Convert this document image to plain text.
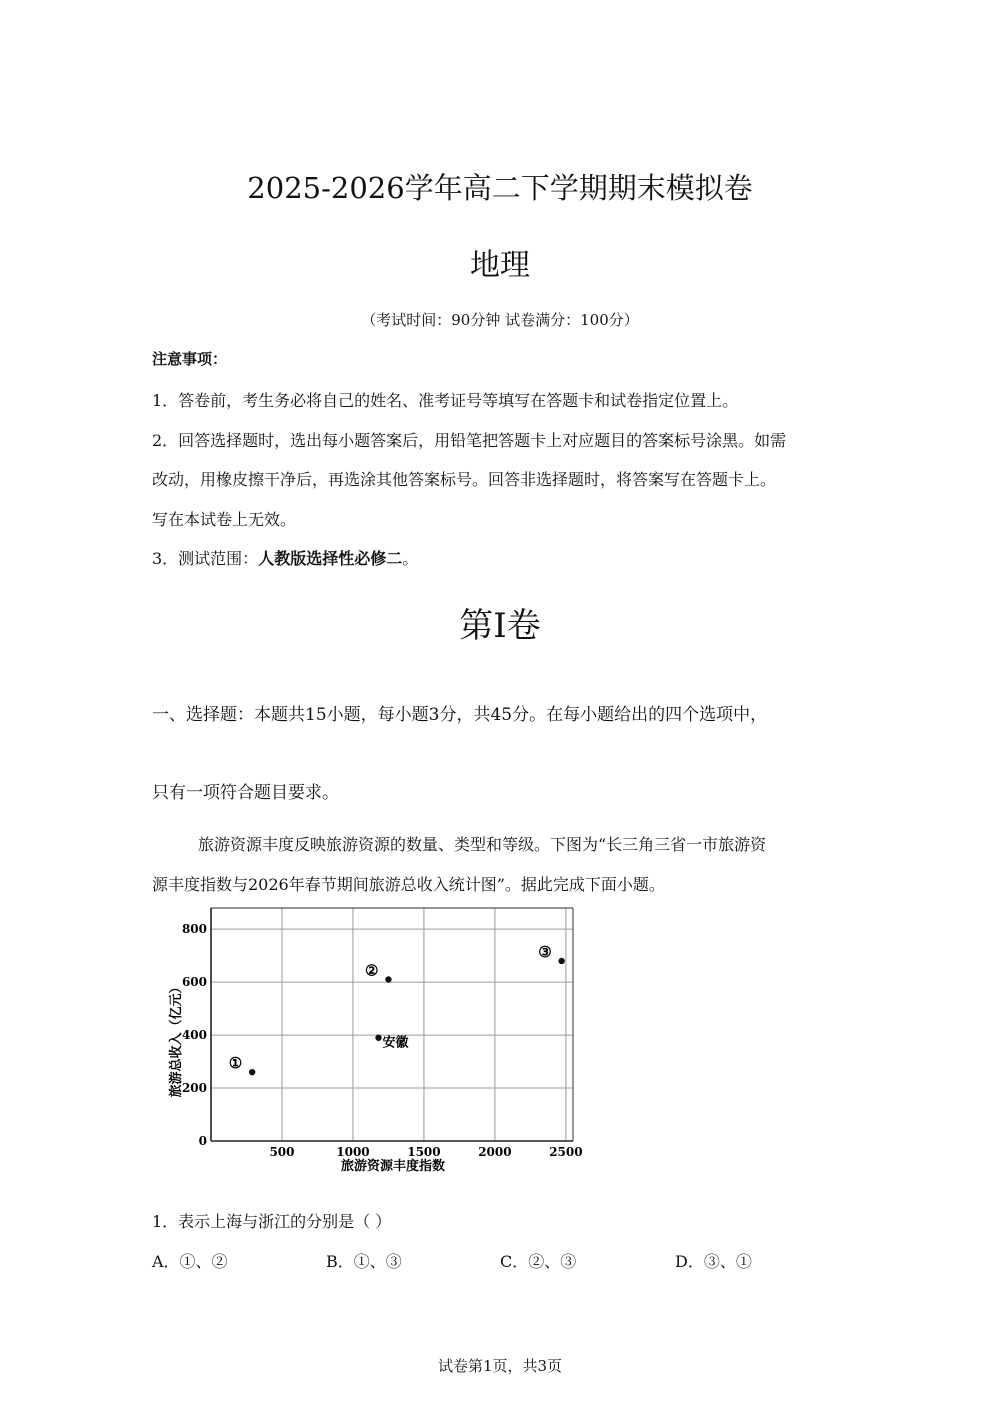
2025-2026学年高二下学期期末模拟卷
地理
（考试时间：90分钟 试卷满分：100分）
注意事项：
1．答卷前，考生务必将自己的姓名、准考证号等填写在答题卡和试卷指定位置上。
2．回答选择题时，选出每小题答案后，用铅笔把答题卡上对应题目的答案标号涂黑。如需
改动，用橡皮擦干净后，再选涂其他答案标号。回答非选择题时，将答案写在答题卡上。
写在本试卷上无效。
3．测试范围：人教版选择性必修二。
第Ⅰ卷
一、选择题：本题共15小题，每小题3分，共45分。在每小题给出的四个选项中，
只有一项符合题目要求。
旅游资源丰度反映旅游资源的数量、类型和等级。下图为“长三角三省一市旅游资
源丰度指数与2026年春节期间旅游总收入统计图”。据此完成下面小题。
500	1000	1500	2000	2500
0
200
400
600
800
①
②
安徽
③
旅游资源丰度指数
旅游总收入（亿元）
1．表示上海与浙江的分别是（ ）
A．①、②	B．①、③	C．②、③	D．③、①
试卷第1页，共3页
